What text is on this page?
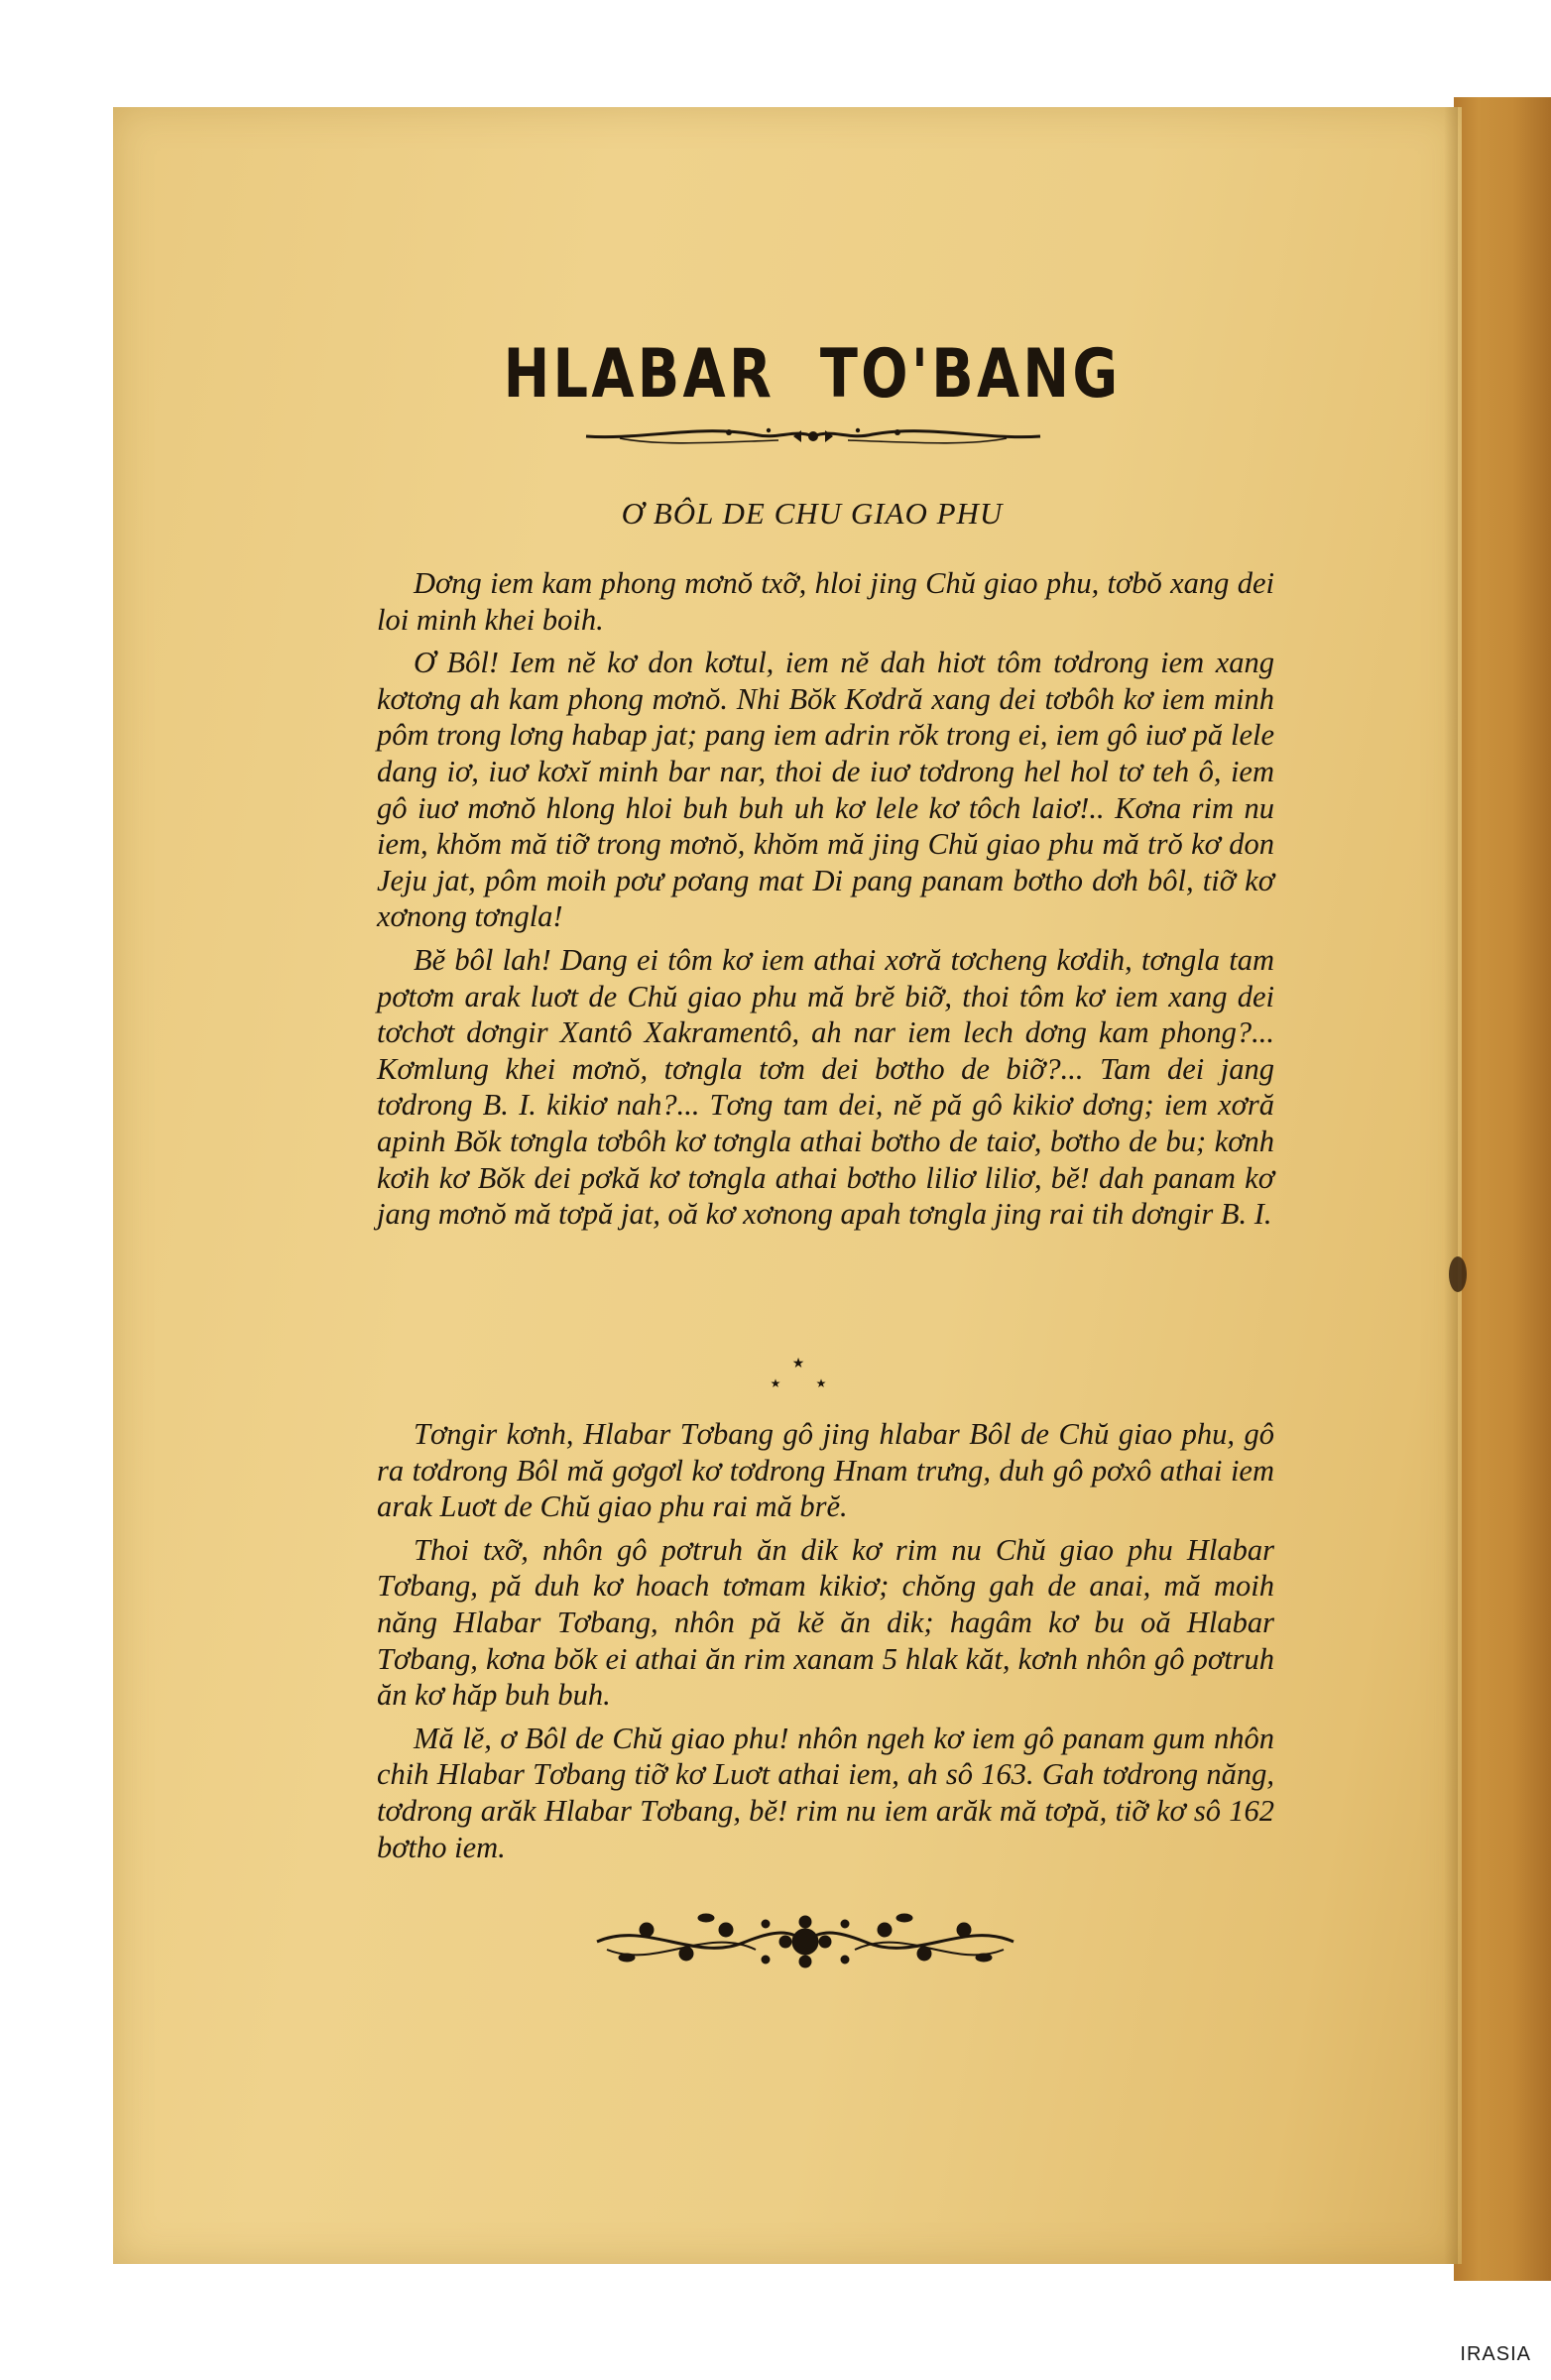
HLABAR TO'BANG
Ơ BÔL DE CHU GIAO PHU

Dơng iem kam phong mơnŏ txỡ, hloi jing Chŭ giao phu, tơbŏ xang dei loi minh khei boih.

Ơ Bôl! Iem nĕ kơ don kơtul, iem nĕ dah hiơt tôm tơdrong iem xang kơtơng ah kam phong mơnŏ. Nhi Bŏk Kơdră xang dei tơbôh kơ iem minh pôm trong lơng habap jat; pang iem adrin rŏk trong ei, iem gô iuơ pă lele dang iơ, iuơ kơxĭ minh bar nar, thoi de iuơ tơdrong hel hol tơ teh ô, iem gô iuơ mơnŏ hlong hloi buh buh uh kơ lele kơ tôch laiơ!.. Kơna rim nu iem, khŏm mă tiỡ trong mơnŏ, khŏm mă jing Chŭ giao phu mă trŏ kơ don Jeju jat, pôm moih pơư pơang mat Di pang panam bơtho dơh bôl, tiỡ kơ xơnong tơngla!

Bĕ bôl lah! Dang ei tôm kơ iem athai xơră tơcheng kơdih, tơngla tam pơtơm arak luơt de Chŭ giao phu mă brĕ biỡ, thoi tôm kơ iem xang dei tơchơt dơngir Xantô Xakramentô, ah nar iem lech dơng kam phong?... Kơmlung khei mơnŏ, tơngla tơm dei bơtho de biỡ?... Tam dei jang tơdrong B. I. kikiơ nah?... Tơng tam dei, nĕ pă gô kikiơ dơng; iem xơră apinh Bŏk tơngla tơbôh kơ tơngla athai bơtho de taiơ, bơtho de bu; kơnh kơih kơ Bŏk dei pơkă kơ tơngla athai bơtho liliơ liliơ, bĕ! dah panam kơ jang mơnŏ mă tơpă jat, oă kơ xơnong apah tơngla jing rai tih dơngir B. I.

★
★	★

Tơngir kơnh, Hlabar Tơbang gô jing hlabar Bôl de Chŭ giao phu, gô ra tơdrong Bôl mă gơgơl kơ tơdrong Hnam trưng, duh gô pơxô athai iem arak Luơt de Chŭ giao phu rai mă brĕ.

Thoi txỡ, nhôn gô pơtruh ăn dik kơ rim nu Chŭ giao phu Hlabar Tơbang, pă duh kơ hoach tơmam kikiơ; chŏng gah de anai, mă moih năng Hlabar Tơbang, nhôn pă kĕ ăn dik; hagâm kơ bu oă Hlabar Tơbang, kơna bŏk ei athai ăn rim xanam 5 hlak kăt, kơnh nhôn gô pơtruh ăn kơ hăp buh buh.

Mă lĕ, ơ Bôl de Chŭ giao phu! nhôn ngeh kơ iem gô panam gum nhôn chih Hlabar Tơbang tiỡ kơ Luơt athai iem, ah sô 163. Gah tơdrong năng, tơdrong arăk Hlabar Tơbang, bĕ! rim nu iem arăk mă tơpă, tiỡ kơ sô 162 bơtho iem.

IRASIA
